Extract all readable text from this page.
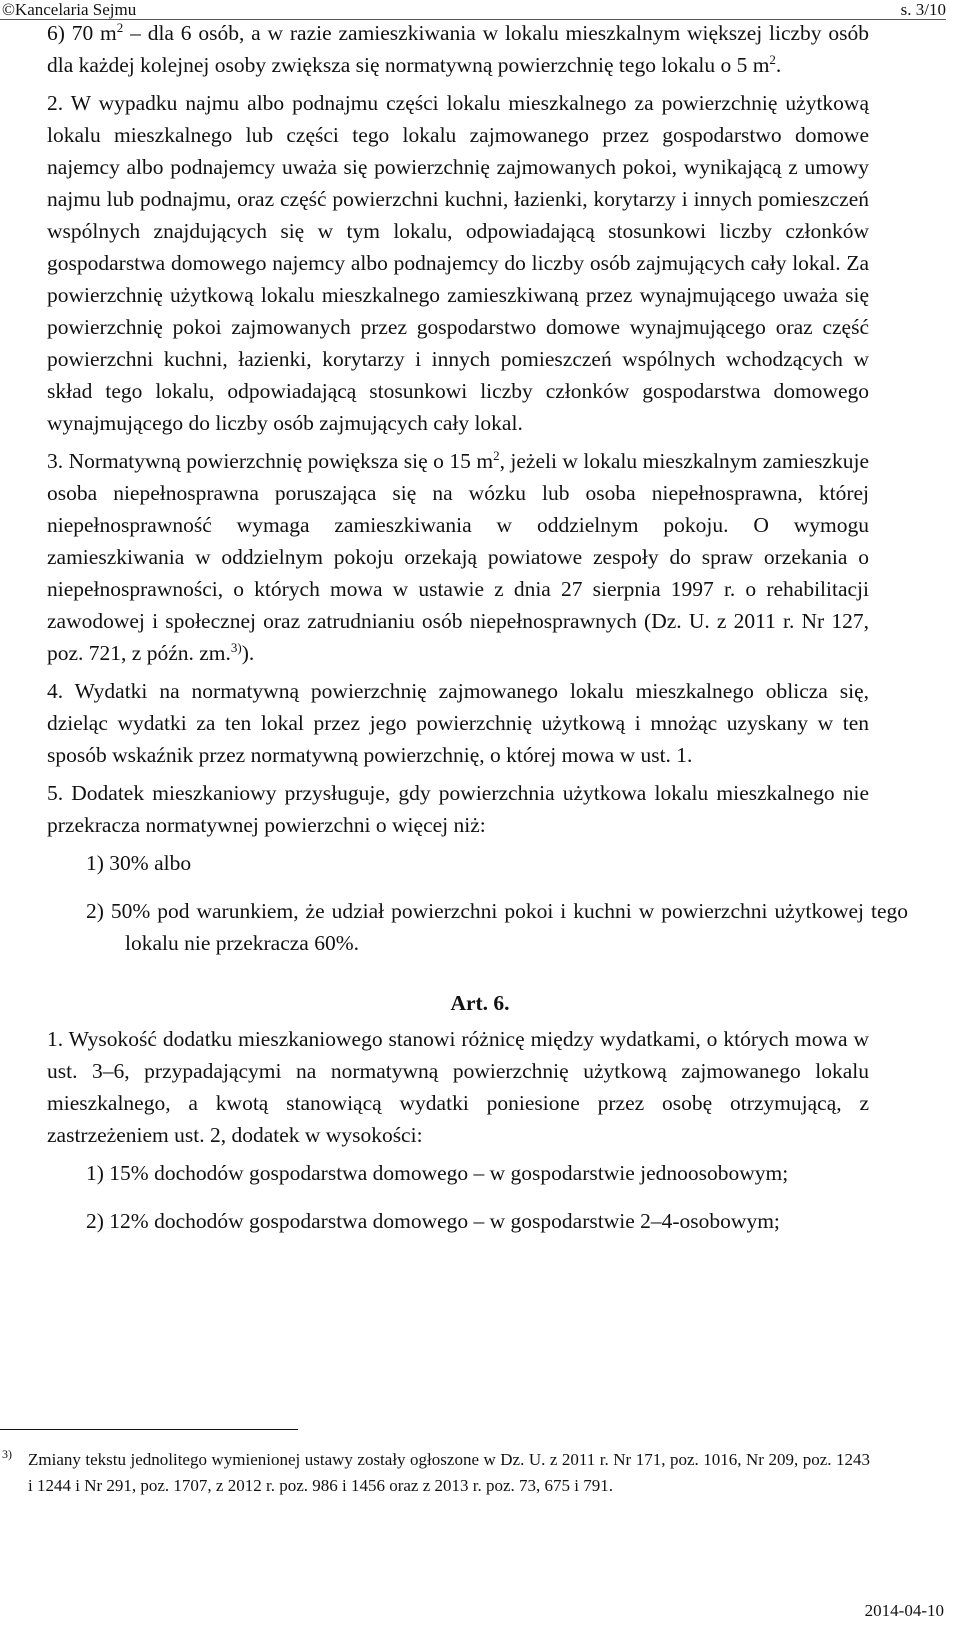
©Kancelaria Sejmu	s. 3/10

6) 70 $m^2$ – dla 6 osób, a w razie zamieszkiwania w lokalu mieszkalnym większej liczby osób dla każdej kolejnej osoby zwiększa się normatywną powierzchnię tego lokalu o 5 $m^2$.

2. W wypadku najmu albo podnajmu części lokalu mieszkalnego za powierzchnię użytkową lokalu mieszkalnego lub części tego lokalu zajmowanego przez gospodarstwo domowe najemcy albo podnajemcy uważa się powierzchnię zajmowanych pokoi, wynikającą z umowy najmu lub podnajmu, oraz część powierzchni kuchni, łazienki, korytarzy i innych pomieszczeń wspólnych znajdujących się w tym lokalu, odpowiadającą stosunkowi liczby członków gospodarstwa domowego najemcy albo podnajemcy do liczby osób zajmujących cały lokal. Za powierzchnię użytkową lokalu mieszkalnego zamieszkiwaną przez wynajmującego uważa się powierzchnię pokoi zajmowanych przez gospodarstwo domowe wynajmującego oraz część powierzchni kuchni, łazienki, korytarzy i innych pomieszczeń wspólnych wchodzących w skład tego lokalu, odpowiadającą stosunkowi liczby członków gospodarstwa domowego wynajmującego do liczby osób zajmujących cały lokal.

3. Normatywną powierzchnię powiększa się o 15 $m^2$, jeżeli w lokalu mieszkalnym zamieszkuje osoba niepełnosprawna poruszająca się na wózku lub osoba niepełnosprawna, której niepełnosprawność wymaga zamieszkiwania w oddzielnym pokoju. O wymogu zamieszkiwania w oddzielnym pokoju orzekają powiatowe zespoły do spraw orzekania o niepełnosprawności, o których mowa w ustawie z dnia 27 sierpnia 1997 r. o rehabilitacji zawodowej i społecznej oraz zatrudnianiu osób niepełnosprawnych (Dz. U. z 2011 r. Nr 127, poz. 721, z późn. zm.$^{3)}$).

4. Wydatki na normatywną powierzchnię zajmowanego lokalu mieszkalnego oblicza się, dzieląc wydatki za ten lokal przez jego powierzchnię użytkową i mnożąc uzyskany w ten sposób wskaźnik przez normatywną powierzchnię, o której mowa w ust. 1.

5. Dodatek mieszkaniowy przysługuje, gdy powierzchnia użytkowa lokalu mieszkalnego nie przekracza normatywnej powierzchni o więcej niż:

1) 30% albo

2) 50% pod warunkiem, że udział powierzchni pokoi i kuchni w powierzchni użytkowej tego lokalu nie przekracza 60%.

Art. 6.

1. Wysokość dodatku mieszkaniowego stanowi różnicę między wydatkami, o których mowa w ust. 3–6, przypadającymi na normatywną powierzchnię użytkową zajmowanego lokalu mieszkalnego, a kwotą stanowiącą wydatki poniesione przez osobę otrzymującą, z zastrzeżeniem ust. 2, dodatek w wysokości:

1) 15% dochodów gospodarstwa domowego – w gospodarstwie jednoosobowym;

2) 12% dochodów gospodarstwa domowego – w gospodarstwie 2–4-osobowym;

3) Zmiany tekstu jednolitego wymienionej ustawy zostały ogłoszone w Dz. U. z 2011 r. Nr 171, poz. 1016, Nr 209, poz. 1243 i 1244 i Nr 291, poz. 1707, z 2012 r. poz. 986 i 1456 oraz z 2013 r. poz. 73, 675 i 791.
2014-04-10
